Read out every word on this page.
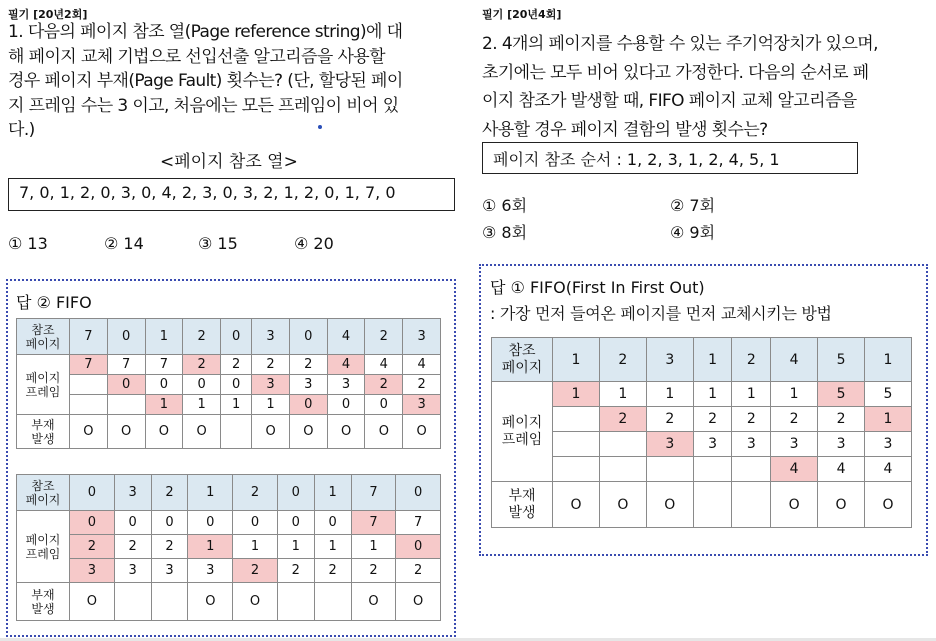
필기 [20년2회]
1. 다음의 페이지 참조 열(Page reference string)에 대
해 페이지 교체 기법으로 선입선출 알고리즘을 사용할
경우 페이지 부재(Page Fault) 횟수는? (단, 할당된 페이
지 프레임 수는 3 이고, 처음에는 모든 프레임이 비어 있
다.)
<페이지 참조 열>
7, 0, 1, 2, 0, 3, 0, 4, 2, 3, 0, 3, 2, 1, 2, 0, 1, 7, 0
① 13	② 14	③ 15	④ 20
답 ② FIFO
참조
페이지	7	0	1	2	0	3	0	4	2	3
페이지
프레임	7	7	7	2	2	2	2	4	4	4
		0	0	0	0	3	3	3	2	2
			1	1	1	1	0	0	0	3
부재
발생	O	O	O	O		O	O	O	O	O
참조
페이지	0	3	2	1	2	0	1	7	0
페이지
프레임	0	0	0	0	0	0	0	7	7
	2	2	2	1	1	1	1	1	0
	3	3	3	3	2	2	2	2	2
부재
발생	O			O	O			O	O
필기 [20년4회]
2. 4개의 페이지를 수용할 수 있는 주기억장치가 있으며,
초기에는 모두 비어 있다고 가정한다. 다음의 순서로 페
이지 참조가 발생할 때, FIFO 페이지 교체 알고리즘을
사용할 경우 페이지 결함의 발생 횟수는?
페이지 참조 순서 : 1, 2, 3, 1, 2, 4, 5, 1
① 6회	② 7회
③ 8회	④ 9회
답 ① FIFO(First In First Out)
: 가장 먼저 들여온 페이지를 먼저 교체시키는 방법
참조
페이지	1	2	3	1	2	4	5	1
페이지
프레임	1	1	1	1	1	1	5	5
		2	2	2	2	2	2	1
			3	3	3	3	3	3
						4	4	4
부재
발생	O	O	O			O	O	O
